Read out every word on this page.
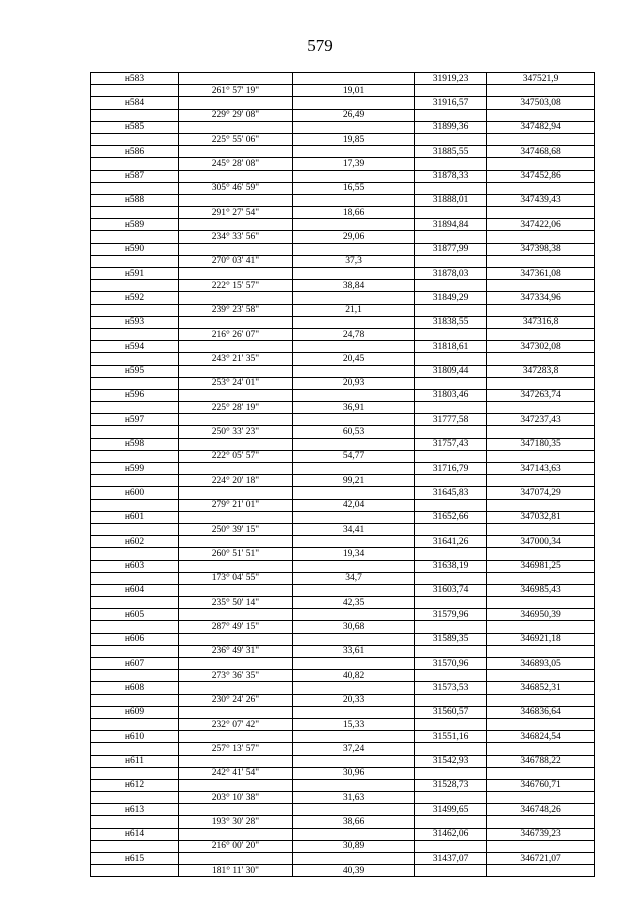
579
н583			31919,23	347521,9
	261° 57' 19"	19,01		
н584			31916,57	347503,08
	229° 29' 08"	26,49		
н585			31899,36	347482,94
	225° 55' 06"	19,85		
н586			31885,55	347468,68
	245° 28' 08"	17,39		
н587			31878,33	347452,86
	305° 46' 59"	16,55		
н588			31888,01	347439,43
	291° 27' 54"	18,66		
н589			31894,84	347422,06
	234° 33' 56"	29,06		
н590			31877,99	347398,38
	270° 03' 41"	37,3		
н591			31878,03	347361,08
	222° 15' 57"	38,84		
н592			31849,29	347334,96
	239° 23' 58"	21,1		
н593			31838,55	347316,8
	216° 26' 07"	24,78		
н594			31818,61	347302,08
	243° 21' 35"	20,45		
н595			31809,44	347283,8
	253° 24' 01"	20,93		
н596			31803,46	347263,74
	225° 28' 19"	36,91		
н597			31777,58	347237,43
	250° 33' 23"	60,53		
н598			31757,43	347180,35
	222° 05' 57"	54,77		
н599			31716,79	347143,63
	224° 20' 18"	99,21		
н600			31645,83	347074,29
	279° 21' 01"	42,04		
н601			31652,66	347032,81
	250° 39' 15"	34,41		
н602			31641,26	347000,34
	260° 51' 51"	19,34		
н603			31638,19	346981,25
	173° 04' 55"	34,7		
н604			31603,74	346985,43
	235° 50' 14"	42,35		
н605			31579,96	346950,39
	287° 49' 15"	30,68		
н606			31589,35	346921,18
	236° 49' 31"	33,61		
н607			31570,96	346893,05
	273° 36' 35"	40,82		
н608			31573,53	346852,31
	230° 24' 26"	20,33		
н609			31560,57	346836,64
	232° 07' 42"	15,33		
н610			31551,16	346824,54
	257° 13' 57"	37,24		
н611			31542,93	346788,22
	242° 41' 54"	30,96		
н612			31528,73	346760,71
	203° 10' 38"	31,63		
н613			31499,65	346748,26
	193° 30' 28"	38,66		
н614			31462,06	346739,23
	216° 00' 20"	30,89		
н615			31437,07	346721,07
	181° 11' 30"	40,39		
